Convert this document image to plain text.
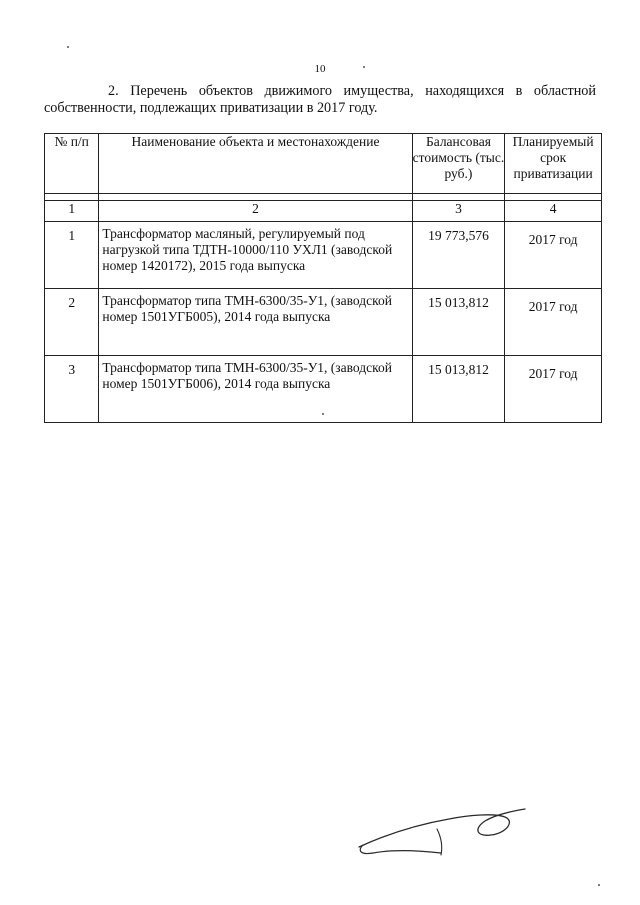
10
2. Перечень объектов движимого имущества, находящихся в областной собственности, подлежащих приватизации в 2017 году.
№ п/п	Наименование объекта и местонахождение	Балансовая стоимость (тыс. руб.)	Планируемый срок приватизации

1	2	3	4
1	Трансформатор масляный, регулируемый под нагрузкой типа ТДТН-10000/110 УХЛ1 (заводской номер 1420172), 2015 года выпуска	19 773,576	2017 год
2	Трансформатор типа ТМН-6300/35-У1, (заводской номер 1501УГБ005), 2014 года выпуска	15 013,812	2017 год
3	Трансформатор типа ТМН-6300/35-У1, (заводской номер 1501УГБ006), 2014 года выпуска	15 013,812	2017 год
